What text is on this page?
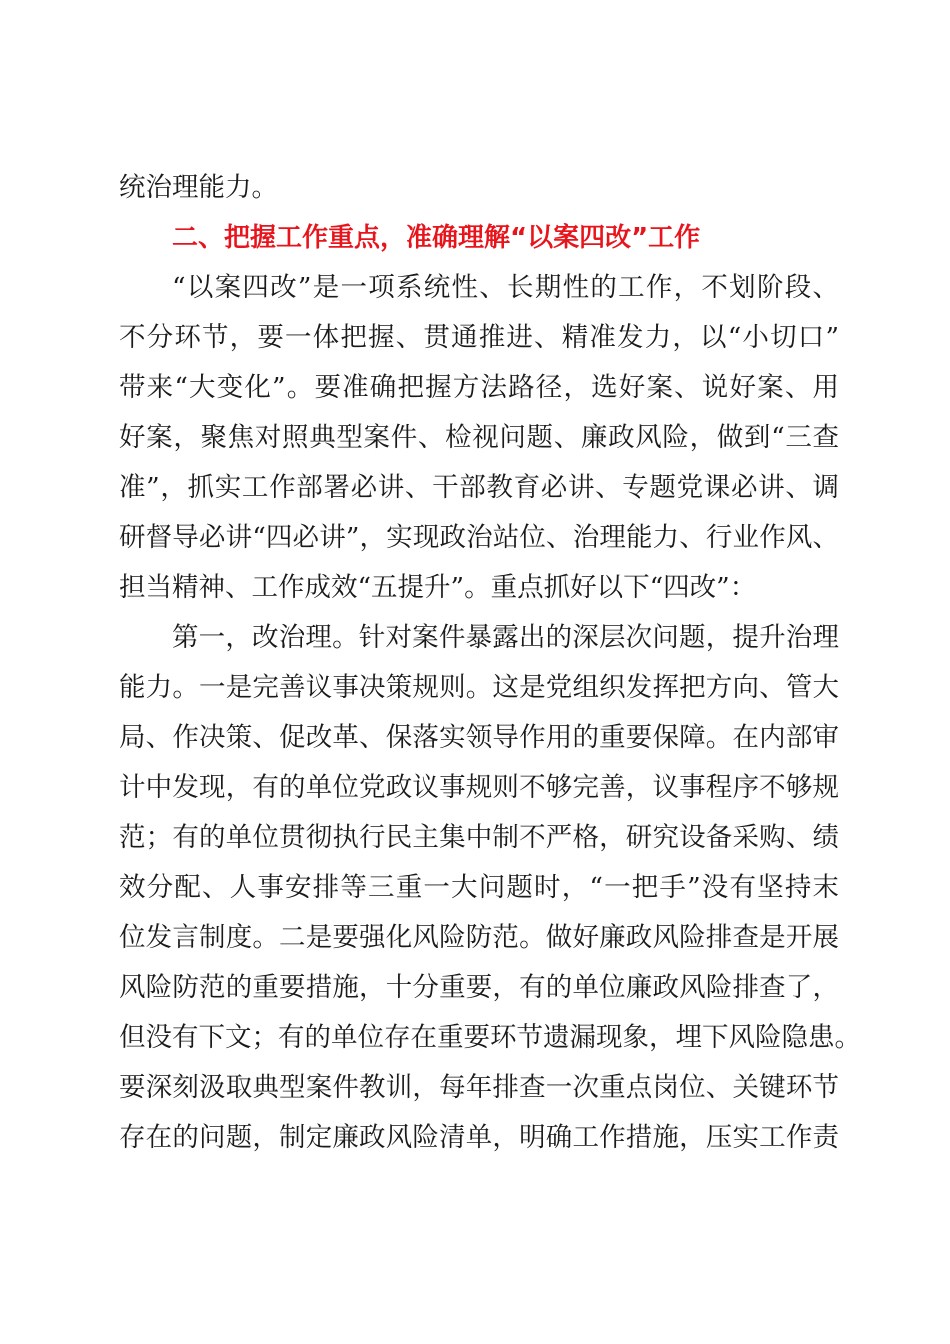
统治理能力。
二、把握工作重点，准确理解“以案四改”工作
“以案四改”是一项系统性、长期性的工作，不划阶段、
不分环节，要一体把握、贯通推进、精准发力，以“小切口”
带来“大变化”。要准确把握方法路径，选好案、说好案、用
好案，聚焦对照典型案件、检视问题、廉政风险，做到“三查
准”，抓实工作部署必讲、干部教育必讲、专题党课必讲、调
研督导必讲“四必讲”，实现政治站位、治理能力、行业作风、
担当精神、工作成效“五提升”。重点抓好以下“四改”：
第一，改治理。针对案件暴露出的深层次问题，提升治理
能力。一是完善议事决策规则。这是党组织发挥把方向、管大
局、作决策、促改革、保落实领导作用的重要保障。在内部审
计中发现，有的单位党政议事规则不够完善，议事程序不够规
范；有的单位贯彻执行民主集中制不严格，研究设备采购、绩
效分配、人事安排等三重一大问题时，“一把手”没有坚持末
位发言制度。二是要强化风险防范。做好廉政风险排查是开展
风险防范的重要措施，十分重要，有的单位廉政风险排查了，
但没有下文；有的单位存在重要环节遗漏现象，埋下风险隐患。
要深刻汲取典型案件教训，每年排查一次重点岗位、关键环节
存在的问题，制定廉政风险清单，明确工作措施，压实工作责
